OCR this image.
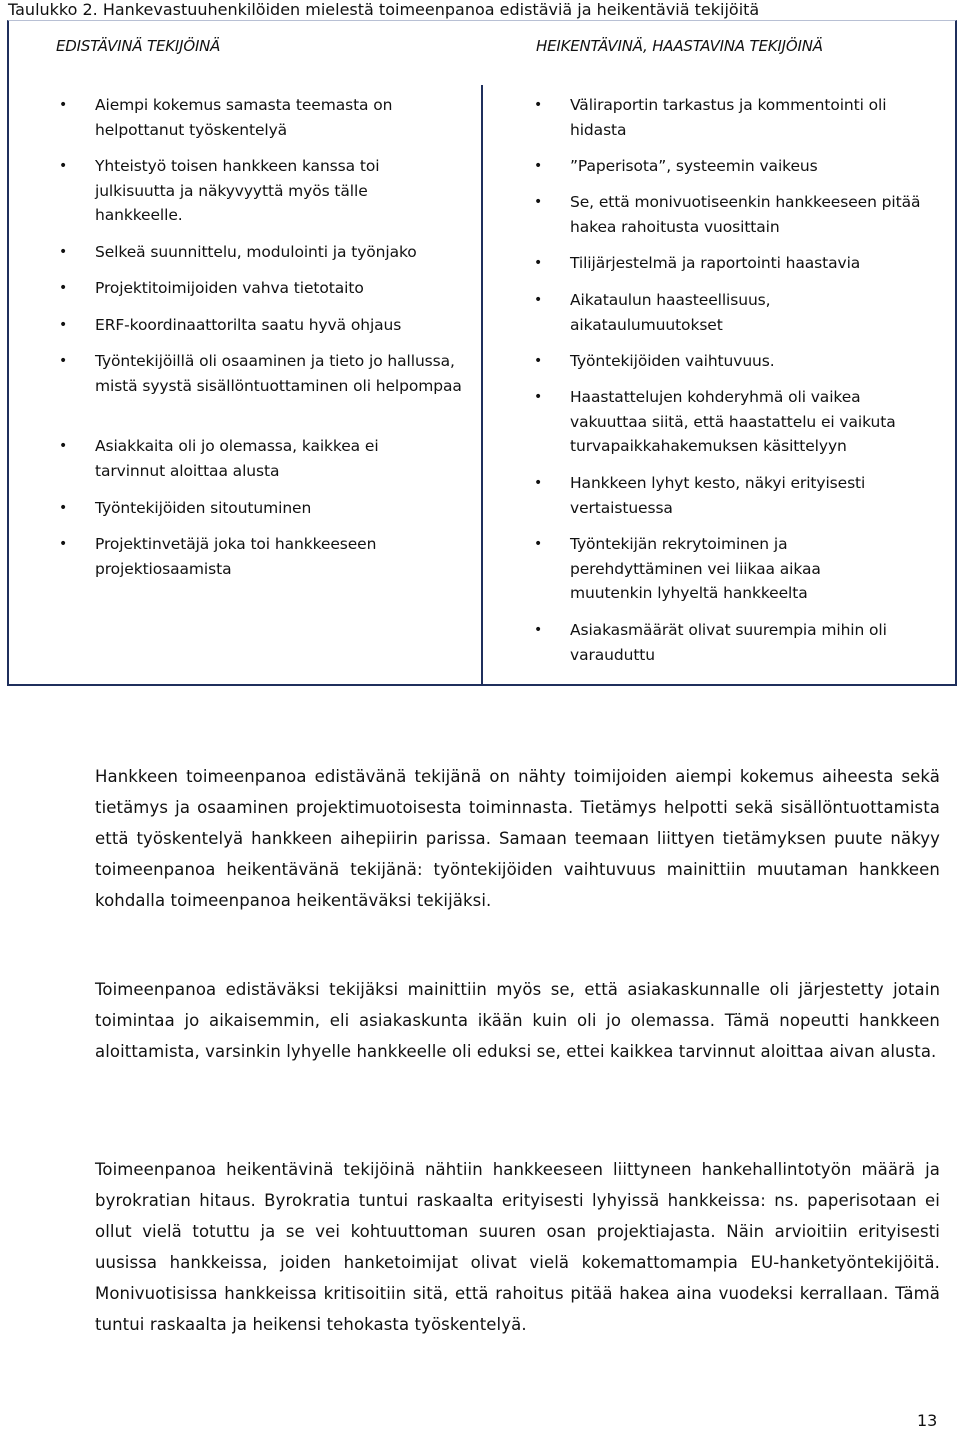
Taulukko 2. Hankevastuuhenkilöiden mielestä toimeenpanoa edistäviä ja heikentäviä tekijöitä
EDISTÄVINÄ TEKIJÖINÄ	HEIKENTÄVINÄ, HAASTAVINA TEKIJÖINÄ
• Aiempi kokemus samasta teemasta on helpottanut työskentelyä
• Yhteistyö toisen hankkeen kanssa toi julkisuutta ja näkyvyyttä myös tälle hankkeelle.
• Selkeä suunnittelu, modulointi ja työnjako
• Projektitoimijoiden vahva tietotaito
• ERF-koordinaattorilta saatu hyvä ohjaus
• Työntekijöillä oli osaaminen ja tieto jo hallussa, mistä syystä sisällöntuottaminen oli helpompaa
• Asiakkaita oli jo olemassa, kaikkea ei tarvinnut aloittaa alusta
• Työntekijöiden sitoutuminen
• Projektinvetäjä joka toi hankkeeseen projektiosaamista
• Väliraportin tarkastus ja kommentointi oli hidasta
• ”Paperisota”, systeemin vaikeus
• Se, että monivuotiseenkin hankkeeseen pitää hakea rahoitusta vuosittain
• Tilijärjestelmä ja raportointi haastavia
• Aikataulun haasteellisuus, aikataulumuutokset
• Työntekijöiden vaihtuvuus.
• Haastattelujen kohderyhmä oli vaikea vakuuttaa siitä, että haastattelu ei vaikuta turvapaikkahakemuksen käsittelyyn
• Hankkeen lyhyt kesto, näkyi erityisesti vertaistuessa
• Työntekijän rekrytoiminen ja perehdyttäminen vei liikaa aikaa muutenkin lyhyeltä hankkeelta
• Asiakasmäärät olivat suurempia mihin oli varauduttu

Hankkeen toimeenpanoa edistävänä tekijänä on nähty toimijoiden aiempi kokemus aiheesta sekä tietämys ja osaaminen projektimuotoisesta toiminnasta. Tietämys helpotti sekä sisällöntuottamista että työskentelyä hankkeen aihepiirin parissa. Samaan teemaan liittyen tietämyksen puute näkyy toimeenpanoa heikentävänä tekijänä: työntekijöiden vaihtuvuus mainittiin muutaman hankkeen kohdalla toimeenpanoa heikentäväksi tekijäksi.

Toimeenpanoa edistäväksi tekijäksi mainittiin myös se, että asiakaskunnalle oli järjestetty jotain toimintaa jo aikaisemmin, eli asiakaskunta ikään kuin oli jo olemassa. Tämä nopeutti hankkeen aloittamista, varsinkin lyhyelle hankkeelle oli eduksi se, ettei kaikkea tarvinnut aloittaa aivan alusta.

Toimeenpanoa heikentävinä tekijöinä nähtiin hankkeeseen liittyneen hankehallintotyön määrä ja byrokratian hitaus. Byrokratia tuntui raskaalta erityisesti lyhyissä hankkeissa: ns. paperisotaan ei ollut vielä totuttu ja se vei kohtuuttoman suuren osan projektiajasta. Näin arvioitiin erityisesti uusissa hankkeissa, joiden hanketoimijat olivat vielä kokemattomampia EU-hanketyöntekijöitä. Monivuotisissa hankkeissa kritisoitiin sitä, että rahoitus pitää hakea aina vuodeksi kerrallaan. Tämä tuntui raskaalta ja heikensi tehokasta työskentelyä.

13
